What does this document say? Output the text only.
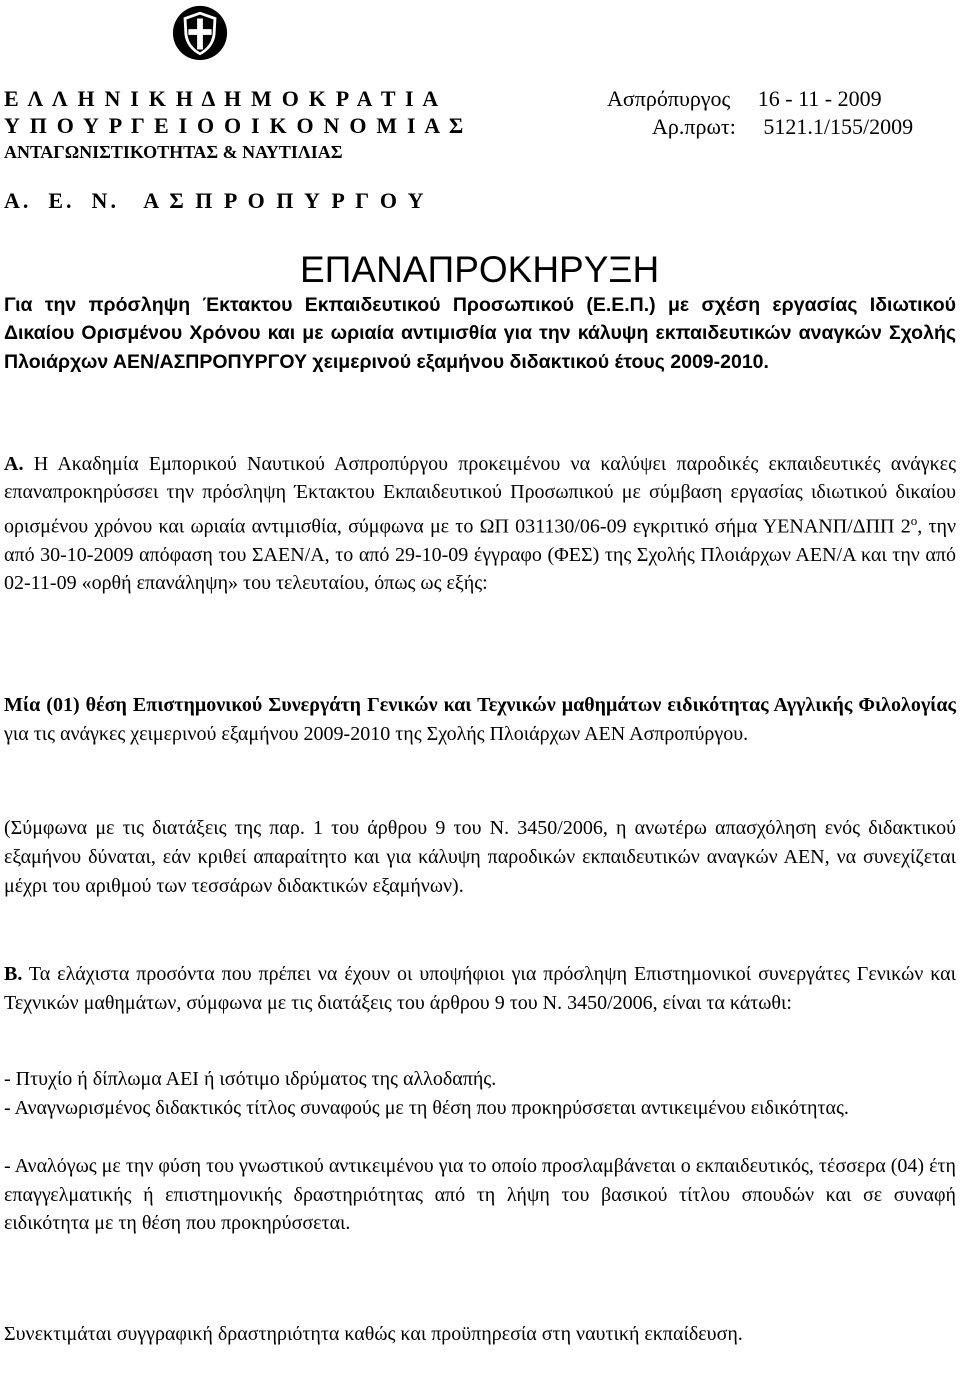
Ε Λ Λ Η Ν Ι Κ Η Δ Η Μ Ο Κ Ρ Α Τ Ι Α
Υ Π Ο Υ Ρ Γ Ε Ι Ο Ο Ι Κ Ο Ν Ο Μ Ι Α Σ
ΑΝΤΑΓΩΝΙΣΤΙΚΟΤΗΤΑΣ & ΝΑΥΤΙΛΙΑΣ
Α.  Ε.  Ν.   Α Σ Π Ρ Ο Π Υ Ρ Γ Ο Υ
Ασπρόπυργος     16 - 11 - 2009
Αρ.πρωτ:     5121.1/155/2009
ΕΠΑΝΑΠΡΟΚΗΡΥΞΗ
Για την πρόσληψη Έκτακτου Εκπαιδευτικού Προσωπικού (Ε.Ε.Π.) με σχέση εργασίας Ιδιωτικού Δικαίου Ορισμένου Χρόνου και με ωριαία αντιμισθία για την κάλυψη εκπαιδευτικών αναγκών Σχολής Πλοιάρχων ΑΕΝ/ΑΣΠΡΟΠΥΡΓΟΥ χειμερινού εξαμήνου διδακτικού έτους 2009-2010.
Α. Η Ακαδημία Εμπορικού Ναυτικού Ασπροπύργου προκειμένου να καλύψει παροδικές εκπαιδευτικές ανάγκες επαναπροκηρύσσει την πρόσληψη Έκτακτου Εκπαιδευτικού Προσωπικού με σύμβαση εργασίας ιδιωτικού δικαίου ορισμένου χρόνου και ωριαία αντιμισθία, σύμφωνα με το ΩΠ 031130/06-09 εγκριτικό σήμα ΥΕΝΑΝΠ/ΔΠΠ $2^o$, την από 30-10-2009 απόφαση του ΣΑΕΝ/Α, το από 29-10-09 έγγραφο (ΦΕΣ) της Σχολής Πλοιάρχων ΑΕΝ/Α και την από 02-11-09 «ορθή επανάληψη» του τελευταίου, όπως ως εξής:
Μία (01) θέση Επιστημονικού Συνεργάτη Γενικών και Τεχνικών μαθημάτων ειδικότητας Αγγλικής Φιλολογίας για τις ανάγκες χειμερινού εξαμήνου 2009-2010 της Σχολής Πλοιάρχων ΑΕΝ Ασπροπύργου.
(Σύμφωνα με τις διατάξεις της παρ. 1 του άρθρου 9 του Ν. 3450/2006, η ανωτέρω απασχόληση ενός διδακτικού εξαμήνου δύναται, εάν κριθεί απαραίτητο και για κάλυψη παροδικών εκπαιδευτικών αναγκών ΑΕΝ, να συνεχίζεται μέχρι του αριθμού των τεσσάρων διδακτικών εξαμήνων).
Β. Τα ελάχιστα προσόντα που πρέπει να έχουν οι υποψήφιοι για πρόσληψη Επιστημονικοί συνεργάτες Γενικών και Τεχνικών μαθημάτων, σύμφωνα με τις διατάξεις του άρθρου 9 του Ν. 3450/2006, είναι τα κάτωθι:
- Πτυχίο ή δίπλωμα ΑΕΙ ή ισότιμο ιδρύματος της αλλοδαπής.
- Αναγνωρισμένος διδακτικός τίτλος συναφούς με τη θέση που προκηρύσσεται αντικειμένου ειδικότητας.
- Αναλόγως με την φύση του γνωστικού αντικειμένου για το οποίο προσλαμβάνεται ο εκπαιδευτικός, τέσσερα (04) έτη επαγγελματικής ή επιστημονικής δραστηριότητας από τη λήψη του βασικού τίτλου σπουδών και σε συναφή ειδικότητα με τη θέση που προκηρύσσεται.
Συνεκτιμάται συγγραφική δραστηριότητα καθώς και προϋπηρεσία στη ναυτική εκπαίδευση.
